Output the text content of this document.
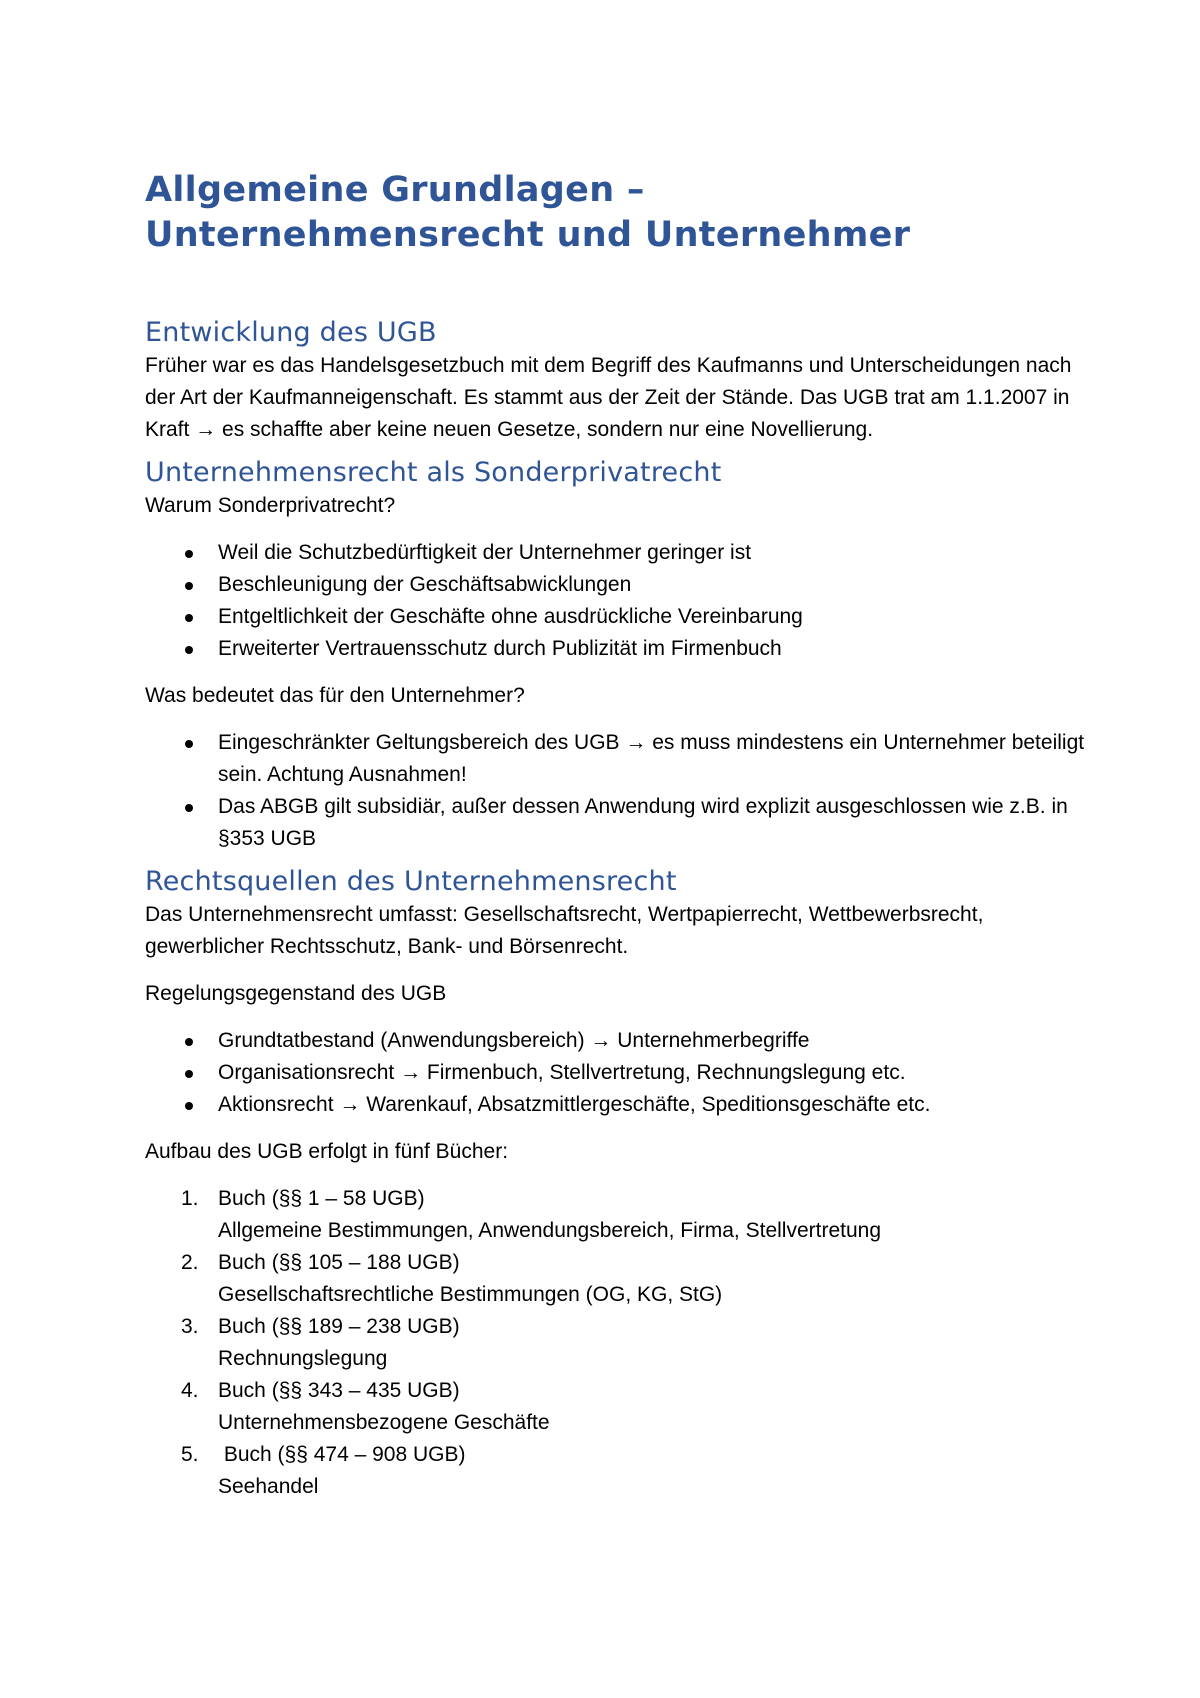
Allgemeine Grundlagen –
Unternehmensrecht und Unternehmer
Entwicklung des UGB

Früher war es das Handelsgesetzbuch mit dem Begriff des Kaufmanns und Unterscheidungen nach der Art der Kaufmanneigenschaft. Es stammt aus der Zeit der Stände. Das UGB trat am 1.1.2007 in Kraft → es schaffte aber keine neuen Gesetze, sondern nur eine Novellierung.

Unternehmensrecht als Sonderprivatrecht

Warum Sonderprivatrecht?

Weil die Schutzbedürftigkeit der Unternehmer geringer ist
Beschleunigung der Geschäftsabwicklungen
Entgeltlichkeit der Geschäfte ohne ausdrückliche Vereinbarung
Erweiterter Vertrauensschutz durch Publizität im Firmenbuch

Was bedeutet das für den Unternehmer?

Eingeschränkter Geltungsbereich des UGB → es muss mindestens ein Unternehmer beteiligt sein. Achtung Ausnahmen!
Das ABGB gilt subsidiär, außer dessen Anwendung wird explizit ausgeschlossen wie z.B. in §353 UGB
Rechtsquellen des Unternehmensrecht

Das Unternehmensrecht umfasst: Gesellschaftsrecht, Wertpapierrecht, Wettbewerbsrecht, gewerblicher Rechtsschutz, Bank- und Börsenrecht.

Regelungsgegenstand des UGB

Grundtatbestand (Anwendungsbereich) → Unternehmerbegriffe
Organisationsrecht → Firmenbuch, Stellvertretung, Rechnungslegung etc.
Aktionsrecht → Warenkauf, Absatzmittlergeschäfte, Speditionsgeschäfte etc.

Aufbau des UGB erfolgt in fünf Bücher:

1. Buch (§§ 1 – 58 UGB)
Allgemeine Bestimmungen, Anwendungsbereich, Firma, Stellvertretung
2. Buch (§§ 105 – 188 UGB)
Gesellschaftsrechtliche Bestimmungen (OG, KG, StG)
3. Buch (§§ 189 – 238 UGB)
Rechnungslegung
4. Buch (§§ 343 – 435 UGB)
Unternehmensbezogene Geschäfte
5. Buch (§§ 474 – 908 UGB)
Seehandel
